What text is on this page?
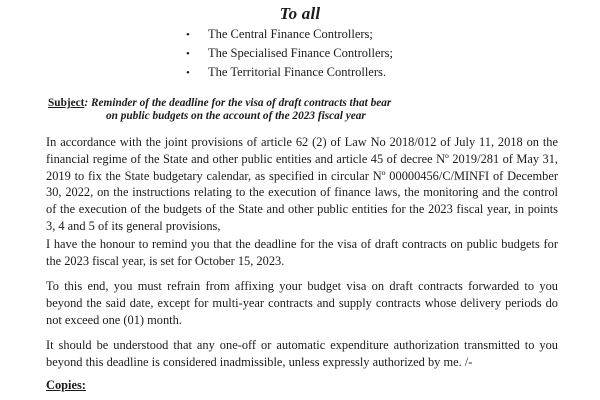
To all
• The Central Finance Controllers;
• The Specialised Finance Controllers;
• The Territorial Finance Controllers.
Subject: Reminder of the deadline for the visa of draft contracts that bear
on public budgets on the account of the 2023 fiscal year

In accordance with the joint provisions of article 62 (2) of Law No 2018/012 of July 11, 2018 on the financial regime of the State and other public entities and article 45 of decree Nº 2019/281 of May 31, 2019 to fix the State budgetary calendar, as specified in circular Nº 00000456/C/MINFI of December 30, 2022, on the instructions relating to the execution of finance laws, the monitoring and the control of the execution of the budgets of the State and other public entities for the 2023 fiscal year, in points 3, 4 and 5 of its general provisions,

I have the honour to remind you that the deadline for the visa of draft contracts on public budgets for the 2023 fiscal year, is set for October 15, 2023.

To this end, you must refrain from affixing your budget visa on draft contracts forwarded to you beyond the said date, except for multi-year contracts and supply contracts whose delivery periods do not exceed one (01) month.

It should be understood that any one-off or automatic expenditure authorization transmitted to you beyond this deadline is considered inadmissible, unless expressly authorized by me. /-

Copies:
